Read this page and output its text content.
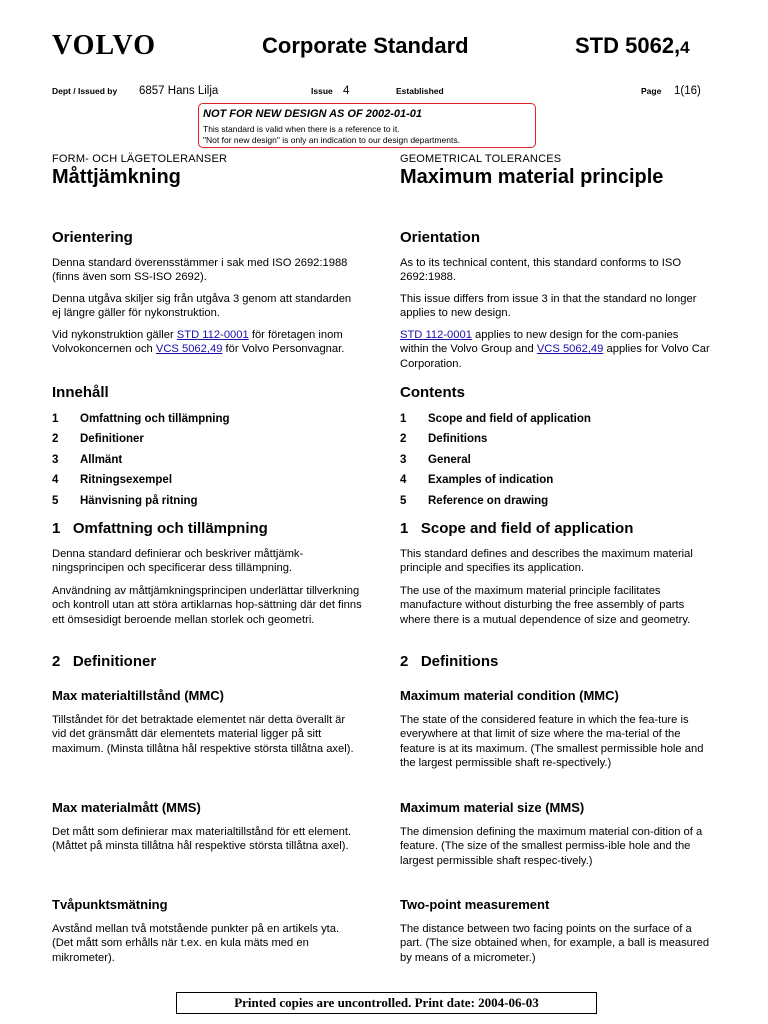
VOLVO	Corporate Standard	STD 5062,4
Dept / Issued by 6857 Hans Lilja	Issue 4	Established	Page 1(16)
NOT FOR NEW DESIGN AS OF 2002-01-01
This standard is valid when there is a reference to it.
"Not for new design" is only an indication to our design departments.
FORM- OCH LÄGETOLERANSER
Måttjämkning
Orientering

Denna standard överensstämmer i sak med ISO 2692:1988 (finns även som SS-ISO 2692).

Denna utgåva skiljer sig från utgåva 3 genom att standarden ej längre gäller för nykonstruktion.

Vid nykonstruktion gäller STD 112-0001 för företagen inom Volvokoncernen och VCS 5062,49 för Volvo Personvagnar.

Innehåll
1 Omfattning och tillämpning
2 Definitioner
3 Allmänt
4 Ritningsexempel
5 Hänvisning på ritning
1   Omfattning och tillämpning

Denna standard definierar och beskriver måttjämk-ningsprincipen och specificerar dess tillämpning.

Användning av måttjämkningsprincipen underlättar tillverkning och kontroll utan att störa artiklarnas hop-sättning där det finns ett ömsesidigt beroende mellan storlek och geometri.

2   Definitioner
Max materialtillstånd (MMC)

Tillståndet för det betraktade elementet när detta överallt är vid det gränsmått där elementets material ligger på sitt maximum. (Minsta tillåtna hål respektive största tillåtna axel).

Max materialmått (MMS)

Det mått som definierar max materialtillstånd för ett element. (Måttet på minsta tillåtna hål respektive största tillåtna axel).

Tvåpunktsmätning

Avstånd mellan två motstående punkter på en artikels yta. (Det mått som erhålls när t.ex. en kula mäts med en mikrometer).

GEOMETRICAL TOLERANCES
Maximum material principle
Orientation

As to its technical content, this standard conforms to ISO 2692:1988.

This issue differs from issue 3 in that the standard no longer applies to new design.

STD 112-0001 applies to new design for the com-panies within the Volvo Group and VCS 5062,49 applies for Volvo Car Corporation.

Contents
1 Scope and field of application
2 Definitions
3 General
4 Examples of indication
5 Reference on drawing
1   Scope and field of application

This standard defines and describes the maximum material principle and specifies its application.

The use of the maximum material principle facilitates manufacture without disturbing the free assembly of parts where there is a mutual dependence of size and geometry.

2   Definitions
Maximum material condition (MMC)

The state of the considered feature in which the fea-ture is everywhere at that limit of size where the ma-terial of the feature is at its maximum. (The smallest permissible hole and the largest permissible shaft re-spectively.)

Maximum material size (MMS)

The dimension defining the maximum material con-dition of a feature. (The size of the smallest permiss-ible hole and the largest permissible shaft respec-tively.)

Two-point measurement

The distance between two facing points on the surface of a part. (The size obtained when, for example, a ball is measured by means of a micrometer.)

Printed copies are uncontrolled. Print date: 2004-06-03
